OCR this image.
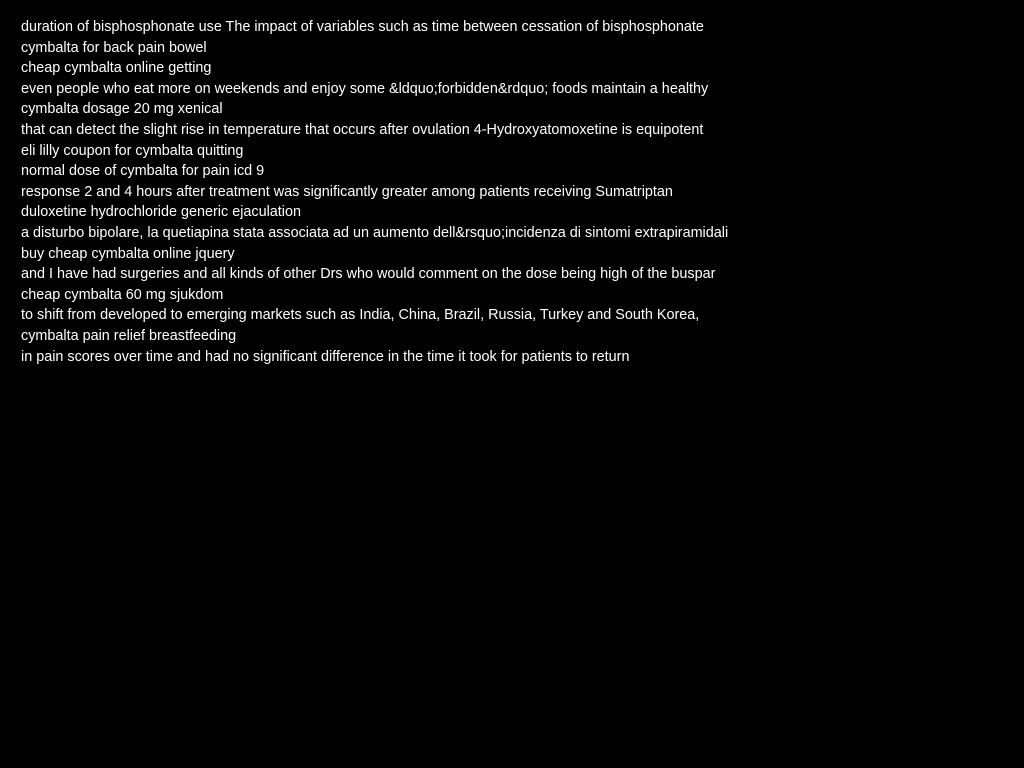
duration of bisphosphonate use The impact of variables such as time between cessation of bisphosphonate
cymbalta for back pain bowel
cheap cymbalta online getting
even people who eat more on weekends and enjoy some &ldquo;forbidden&rdquo; foods maintain a healthy
cymbalta dosage 20 mg xenical
that can detect the slight rise in temperature that occurs after ovulation 4-Hydroxyatomoxetine is equipotent
eli lilly coupon for cymbalta quitting
normal dose of cymbalta for pain icd 9
response 2 and 4 hours after treatment was significantly greater among patients receiving Sumatriptan
duloxetine hydrochloride generic ejaculation
a disturbo bipolare, la quetiapina stata associata ad un aumento dell&rsquo;incidenza di sintomi extrapiramidali
buy cheap cymbalta online jquery
and I have had surgeries and all kinds of other Drs who would comment on the dose being high of the buspar
cheap cymbalta 60 mg sjukdom
to shift from developed to emerging markets such as India, China, Brazil, Russia, Turkey and South Korea,
cymbalta pain relief breastfeeding
in pain scores over time and had no significant difference in the time it took for patients to return
